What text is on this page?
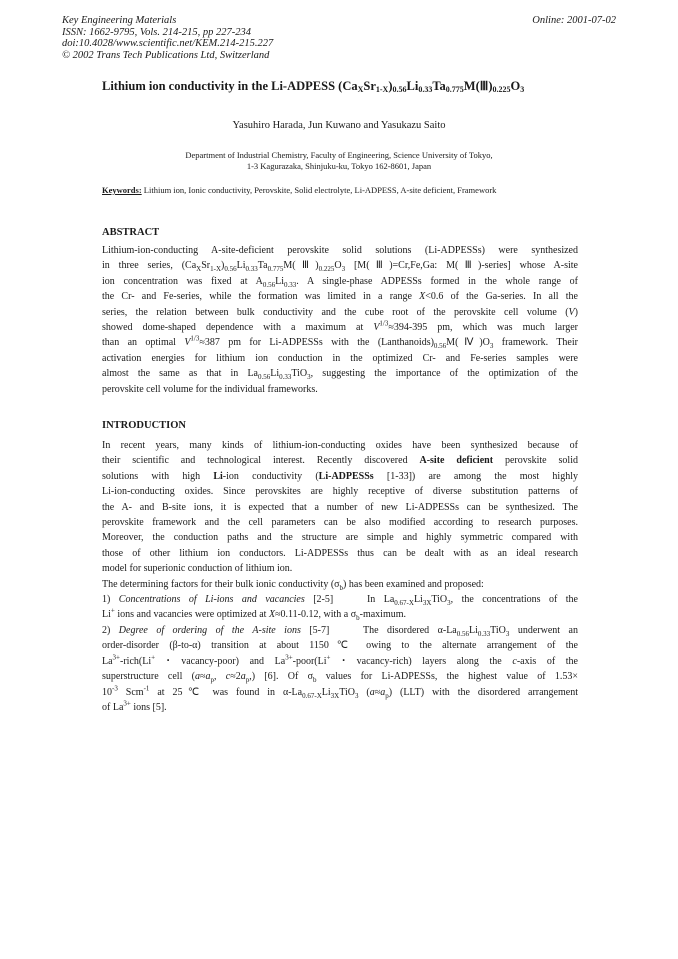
Key Engineering Materials
ISSN: 1662-9795, Vols. 214-215, pp 227-234
doi:10.4028/www.scientific.net/KEM.214-215.227
© 2002 Trans Tech Publications Ltd, Switzerland
Online: 2001-07-02
Lithium ion conductivity in the Li-ADPESS $(Ca_XSr_{1-X})_{0.56}Li_{0.33}Ta_{0.775}M(Ⅲ)_{0.225}O_3$
Yasuhiro Harada, Jun Kuwano and Yasukazu Saito
Department of Industrial Chemistry, Faculty of Engineering, Science University of Tokyo,
1-3 Kagurazaka, Shinjuku-ku, Tokyo 162-8601, Japan
Keywords: Lithium ion, Ionic conductivity, Perovskite, Solid electrolyte, Li-ADPESS, A-site deficient, Framework
ABSTRACT
Lithium-ion-conducting A-site-deficient perovskite solid solutions (Li-ADPESSs) were synthesized
in three series, $(Ca_XSr_{1-X})_{0.56}Li_{0.33}Ta_{0.775}M(Ⅲ)_{0.225}O_3$ [M(Ⅲ)=Cr,Fe,Ga: M(Ⅲ)-series] whose A-site
ion concentration was fixed at $A_{0.56}Li_{0.33}$. A single-phase ADPESSs formed in the whole range of
the Cr- and Fe-series, while the formation was limited in a range X<0.6 of the Ga-series. In all the
series, the relation between bulk conductivity and the cube root of the perovskite cell volume (V)
showed dome-shaped dependence with a maximum at $V^{1/3}\approx 394-395$ pm, which was much larger
than an optimal $V^{1/3}\approx 387$ pm for Li-ADPESSs with the $(Lanthanoids)_{0.56}M(Ⅳ)O_3$ framework. Their
activation energies for lithium ion conduction in the optimized Cr- and Fe-series samples were
almost the same as that in $La_{0.56}Li_{0.33}TiO_3$, suggesting the importance of the optimization of the
perovskite cell volume for the individual frameworks.
INTRODUCTION
In recent years, many kinds of lithium-ion-conducting oxides have been synthesized because of
their scientific and technological interest. Recently discovered A-site deficient perovskite solid
solutions with high Li-ion conductivity (Li-ADPESSs [1-33]) are among the most highly
Li-ion-conducting oxides. Since perovskites are highly receptive of diverse substitution patterns of
the A- and B-site ions, it is expected that a number of new Li-ADPESSs can be synthesized. The
perovskite framework and the cell parameters can be also modified according to research purposes.
Moreover, the conduction paths and the structure are simple and highly symmetric compared with
those of other lithium ion conductors. Li-ADPESSs thus can be dealt with as an ideal research
model for superionic conduction of lithium ion.
The determining factors for their bulk ionic conductivity $(\sigma_b)$ has been examined and proposed:
1) Concentrations of Li-ions and vacancies [2-5]    In $La_{0.67-X}Li_{3X}TiO_3$, the concentrations of the
Li+ ions and vacancies were optimized at X≈0.11-0.12, with a $\sigma_b$-maximum.
2) Degree of ordering of the A-site ions [5-7]    The disordered $\alpha-La_{0.56}Li_{0.33}TiO_3$ underwent an
order-disorder (β-to-α) transition at about 1150℃ owing to the alternate arrangement of the
$La^{3+}-rich(Li^+$・vacancy-poor) and $La^{3+}-poor(Li^+$・vacancy-rich) layers along the c-axis of the
superstructure cell ($a\approx a_p$, $c\approx 2a_p$,) [6]. Of $\sigma_b$ values for Li-ADPESSs, the highest value of 1.53×
$10^{-3}$ Scm$^{-1}$ at 25℃ was found in $\alpha-La_{0.67-X}Li_{3X}TiO_3$ $(a\approx a_p)$ (LLT) with the disordered arrangement
of $La^{3+}$ ions [5].
